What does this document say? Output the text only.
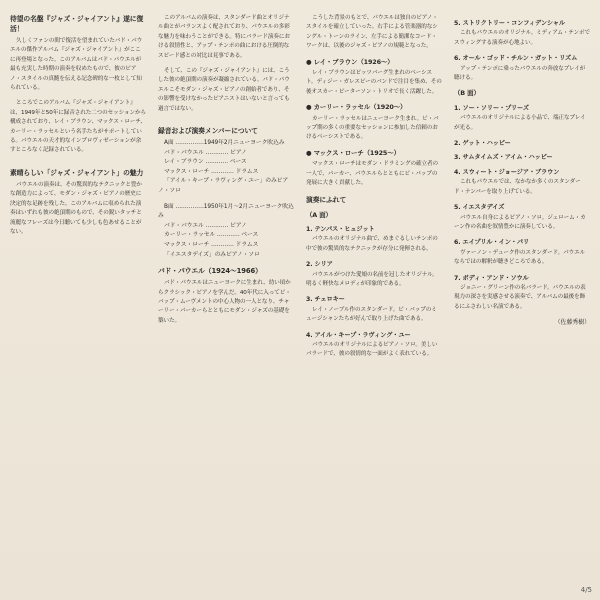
待望の名盤『ジャズ・ジャイアント』遂に復活！

久しくファンの間で復活を望まれていたバド・パウエルの傑作アルバム『ジャズ・ジャイアント』がここに再登場となった。このアルバムはバド・パウエルが最も充実した時期の演奏を収めたもので、彼のピアノ・スタイルの真髄を伝える記念碑的な一枚として知られている。

ところでこのアルバム『ジャズ・ジャイアント』は、1949年と50年に録音された二つのセッションから構成されており、レイ・ブラウン、マックス・ローチ、カーリー・ラッセルという名手たちがサポートしている。パウエルの天才的なインプロヴィゼーションが余すところなく記録されている。

素晴らしい「ジャズ・ジャイアント」の魅力

パウエルの演奏は、その驚異的なテクニックと豊かな創造力によって、モダン・ジャズ・ピアノの歴史に決定的な足跡を残した。このアルバムに収められた演奏はいずれも彼の絶頂期のもので、その鋭いタッチと流麗なフレーズは今日聴いても少しも色あせることがない。

このアルバムの演奏は、スタンダード曲とオリジナル曲とがバランスよく配されており、パウエルの多彩な魅力を味わうことができる。特にバラード演奏における叙情性と、アップ・テンポの曲における圧倒的なスピード感との対比は見事である。

そして、この『ジャズ・ジャイアント』には、こうした彼の絶頂期の演奏が凝縮されている。バド・パウエルこそモダン・ジャズ・ピアノの創始者であり、その影響を受けなかったピアニストはいないと言っても過言ではない。

録音および演奏メンバーについて

A面 ……………1949年2月ニューヨーク吹込み

バド・パウエル ………… ピアノ

レイ・ブラウン ………… ベース

マックス・ローチ ………… ドラムス

「アイル・キープ・ラヴィング・ユー」のみピアノ・ソロ

B面 ……………1950年1月〜2月ニューヨーク吹込み

バド・パウエル ………… ピアノ

カーリー・ラッセル ………… ベース

マックス・ローチ ………… ドラムス

「イエスタデイズ」のみピアノ・ソロ

バド・パウエル（1924〜1966）

バド・パウエルはニューヨークに生まれ、幼い頃からクラシック・ピアノを学んだ。40年代に入ってビ・バップ・ムーヴメントの中心人物の一人となり、チャーリー・パーカーらとともにモダン・ジャズの基礎を築いた。

こうした背景のもとで、パウエルは独自のピアノ・スタイルを確立していった。右手による管楽器的なシングル・トーンのライン、左手による簡潔なコード・ワークは、以後のジャズ・ピアノの規範となった。

● レイ・ブラウン（1926〜）

レイ・ブラウンはピッツバーグ生まれのベーシスト。ディジー・ガレスピーのバンドで注目を集め、その後オスカー・ピーターソン・トリオで長く活躍した。

● カーリー・ラッセル（1920〜）

カーリー・ラッセルはニューヨーク生まれ。ビ・バップ期の多くの重要なセッションに参加した信頼のおけるベーシストである。

● マックス・ローチ（1925〜）

マックス・ローチはモダン・ドラミングの確立者の一人で、パーカー、パウエルらとともにビ・バップの発展に大きく貢献した。

演奏にふれて
（A 面）
1. テンパス・ヒュジット

パウエルのオリジナル曲で、めまぐるしいテンポの中で彼の驚異的なテクニックが存分に発揮される。

2. シリア

パウエルがつけた愛娘の名前を冠したオリジナル。明るく軽快なメロディが印象的である。

3. チェロキー

レイ・ノーブル作のスタンダード。ビ・バップのミュージシャンたちが好んで取り上げた曲である。

4. アイル・キープ・ラヴィング・ユー

パウエルのオリジナルによるピアノ・ソロ。美しいバラードで、彼の叙情的な一面がよく表れている。

5. ストリクトリー・コンフィデンシャル

これもパウエルのオリジナル。ミディアム・テンポでスウィングする演奏が心地よい。

6. オール・ゴッド・チルン・ガット・リズム

アップ・テンポに乗ったパウエルの奔放なプレイが聴ける。

（B 面）
1. ソー・ソリー・プリーズ

パウエルのオリジナルによる小品で、端正なプレイが光る。

2. ゲット・ハッピー
3. サムタイムズ・アイム・ハッピー
4. スウィート・ジョージア・ブラウン

これもパウエルでは、なかなか多くのスタンダード・ナンバーを取り上げている。

5. イエスタデイズ

パウエル自身によるピアノ・ソロ。ジェローム・カーン作の名曲を叙情豊かに演奏している。

6. エイプリル・イン・パリ

ヴァーノン・デューク作のスタンダード。パウエルならではの解釈が聴きどころである。

7. ボディ・アンド・ソウル

ジョニー・グリーン作の名バラード。パウエルの表現力の深さを実感させる演奏で、アルバムの最後を飾るにふさわしい名演である。

（佐藤秀樹）
4/5
